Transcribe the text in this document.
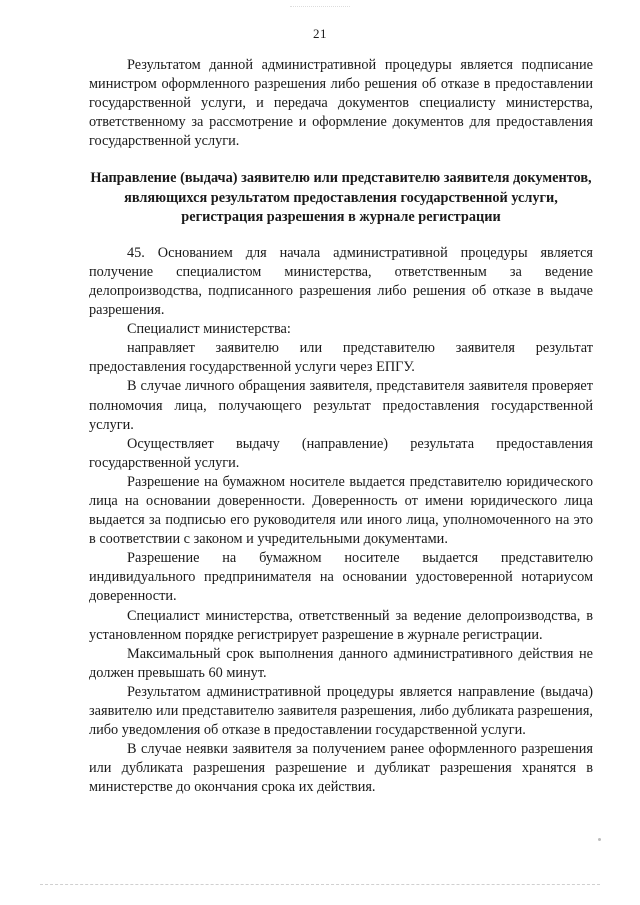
21

Результатом данной административной процедуры является подписание министром оформленного разрешения либо решения об отказе в предоставлении государственной услуги, и передача документов специалисту министерства, ответственному за рассмотрение и оформление документов для предоставления государственной услуги.

Направление (выдача) заявителю или представителю заявителя документов, являющихся результатом предоставления государственной услуги, регистрация разрешения в журнале регистрации

45. Основанием для начала административной процедуры является получение специалистом министерства, ответственным за ведение делопроизводства, подписанного разрешения либо решения об отказе в выдаче разрешения.

Специалист министерства:

направляет заявителю или представителю заявителя результат предоставления государственной услуги через ЕПГУ.

В случае личного обращения заявителя, представителя заявителя проверяет полномочия лица, получающего результат предоставления государственной услуги.

Осуществляет выдачу (направление) результата предоставления государственной услуги.

Разрешение на бумажном носителе выдается представителю юридического лица на основании доверенности. Доверенность от имени юридического лица выдается за подписью его руководителя или иного лица, уполномоченного на это в соответствии с законом и учредительными документами.

Разрешение на бумажном носителе выдается представителю индивидуального предпринимателя на основании удостоверенной нотариусом доверенности.

Специалист министерства, ответственный за ведение делопроизводства, в установленном порядке регистрирует разрешение в журнале регистрации.

Максимальный срок выполнения данного административного действия не должен превышать 60 минут.

Результатом административной процедуры является направление (выдача) заявителю или представителю заявителя разрешения, либо дубликата разрешения, либо уведомления об отказе в предоставлении государственной услуги.

В случае неявки заявителя за получением ранее оформленного разрешения или дубликата разрешения разрешение и дубликат разрешения хранятся в министерстве до окончания срока их действия.
